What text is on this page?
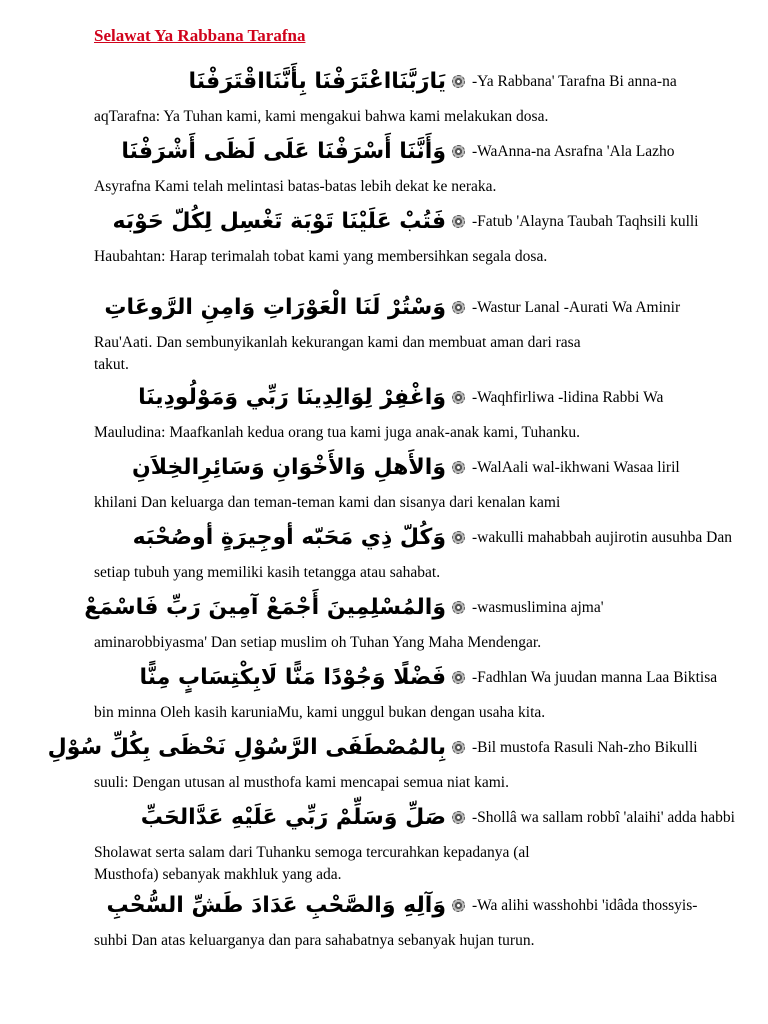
Selawat Ya Rabbana Tarafna
يَارَبَّنَااعْتَرَفْنَا بِأَنَّنَااقْتَرَفْنَا -Ya Rabbana' Tarafna Bi anna-na

aqTarafna: Ya Tuhan kami, kami mengakui bahwa kami melakukan dosa.

وَأَنَّنَا أَسْرَفْنَا عَلَى لَظَى أَشْرَفْنَا -WaAnna-na Asrafna 'Ala Lazho

Asyrafna Kami telah melintasi batas-batas lebih dekat ke neraka.

فَتُبْ عَلَيْنَا تَوْبَة تَغْسِل لِكُلّ حَوْبَه -Fatub 'Alayna Taubah Taqhsili kulli

Haubahtan: Harap terimalah tobat kami yang membersihkan segala dosa.

وَسْتُرْ لَنَا الْعَوْرَاتِ وَامِنِ الرَّوعَاتِ -Wastur Lanal -Aurati Wa Aminir

Rau'Aati. Dan sembunyikanlah kekurangan kami dan membuat aman dari rasa
takut.

وَاغْفِرْ لِوَالِدِينَا رَبِّي وَمَوْلُودِينَا -Waqhfirliwa -lidina Rabbi Wa

Mauludina: Maafkanlah kedua orang tua kami juga anak-anak kami, Tuhanku.

وَالأَهلِ وَالأَخْوَانِ وَسَائِرِالخِلاَنِ -WalAali wal-ikhwani Wasaa liril

khilani Dan keluarga dan teman-teman kami dan sisanya dari kenalan kami

وَكُلّ ذِي مَحَبّه أوجِيرَةٍ أوصُحْبَه -wakulli mahabbah aujirotin ausuhba Dan

setiap tubuh yang memiliki kasih tetangga atau sahabat.

وَالمُسْلِمِينَ أَجْمَعْ آمِينَ رَبِّ فَاسْمَعْ -wasmuslimina ajma'

aminarobbiyasma' Dan setiap muslim oh Tuhan Yang Maha Mendengar.

فَضْلًا وَجُوْدًا مَنًّا لَابِكْتِسَابٍ مِنًّا -Fadhlan Wa juudan manna Laa Biktisa

bin minna Oleh kasih karuniaMu, kami unggul bukan dengan usaha kita.

بِالمُصْطَفَى الرَّسُوْلِ نَحْظَى بِكُلِّ سُوْلِ -Bil mustofa Rasuli Nah-zho Bikulli

suuli: Dengan utusan al musthofa kami mencapai semua niat kami.

صَلِّ وَسَلِّمْ رَبِّي عَلَيْهِ عَدَّالحَبِّ -Shollâ wa sallam robbî 'alaihi' adda habbi

Sholawat serta salam dari Tuhanku semoga tercurahkan kepadanya (al
Musthofa) sebanyak makhluk yang ada.

وَآلِهِ وَالصَّحْبِ عَدَادَ طَشِّ السُّحْبِ -Wa alihi wasshohbi 'idâda thossyis-

suhbi Dan atas keluarganya dan para sahabatnya sebanyak hujan turun.
